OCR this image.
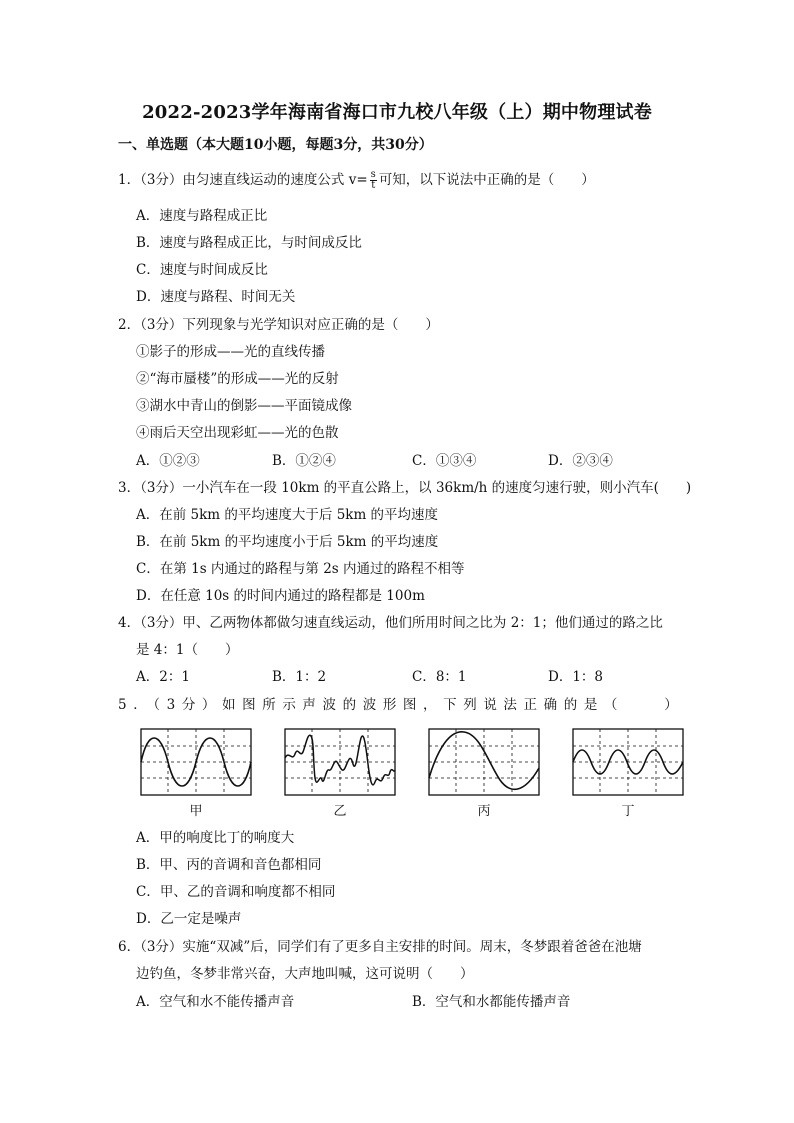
2022-2023学年海南省海口市九校八年级（上）期中物理试卷
一、单选题（本大题10小题，每题3分，共30分）
1．（3分）由匀速直线运动的速度公式 $v= \frac{s}{t}$ 可知，以下说法中正确的是（　　）
A．速度与路程成正比
B．速度与路程成正比，与时间成反比
C．速度与时间成反比
D．速度与路程、时间无关
2．（3分）下列现象与光学知识对应正确的是（　　）
①影子的形成——光的直线传播
②“海市蜃楼”的形成——光的反射
③湖水中青山的倒影——平面镜成像
④雨后天空出现彩虹——光的色散
A．①②③	B．①②④	C．①③④	D．②③④
3．（3分）一小汽车在一段 10km 的平直公路上，以 36km/h 的速度匀速行驶，则小汽车(　　)
A．在前 5km 的平均速度大于后 5km 的平均速度
B．在前 5km 的平均速度小于后 5km 的平均速度
C．在第 1s 内通过的路程与第 2s 内通过的路程不相等
D．在任意 10s 的时间内通过的路程都是 100m
4．（3分）甲、乙两物体都做匀速直线运动，他们所用时间之比为 2：1；他们通过的路之比
是 4：1（　　）
A．2：1	B．1：2	C．8：1	D．1：8
5．（3分）如图所示声波的波形图，下列说法正确的是（　　）
甲	乙	丙	丁
A．甲的响度比丁的响度大
B．甲、丙的音调和音色都相同
C．甲、乙的音调和响度都不相同
D．乙一定是噪声
6．（3分）实施“双减”后，同学们有了更多自主安排的时间。周末，冬梦跟着爸爸在池塘
边钓鱼，冬梦非常兴奋，大声地叫喊，这可说明（　　）
A．空气和水不能传播声音	B．空气和水都能传播声音
